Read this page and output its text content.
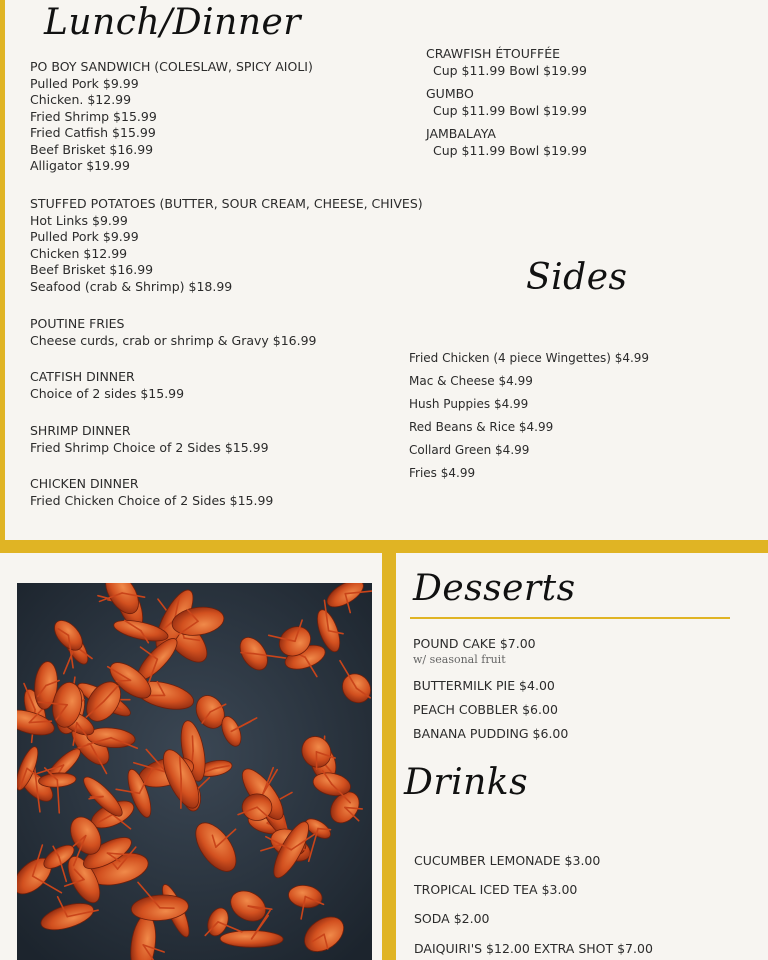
Lunch/Dinner
PO BOY SANDWICH (COLESLAW, SPICY AIOLI)
Pulled Pork $9.99
Chicken. $12.99
Fried Shrimp $15.99
Fried Catfish $15.99
Beef Brisket $16.99
Alligator $19.99
STUFFED POTATOES (BUTTER, SOUR CREAM, CHEESE, CHIVES)
Hot Links $9.99
Pulled Pork $9.99
Chicken $12.99
Beef Brisket $16.99
Seafood (crab & Shrimp) $18.99
POUTINE FRIES
Cheese curds, crab or shrimp & Gravy $16.99
CATFISH DINNER
Choice of 2 sides $15.99
SHRIMP DINNER
Fried Shrimp Choice of 2 Sides $15.99
CHICKEN DINNER
Fried Chicken Choice of 2 Sides $15.99
CRAWFISH ÉTOUFFÉE
Cup $11.99 Bowl $19.99
GUMBO
Cup $11.99 Bowl $19.99
JAMBALAYA
Cup $11.99 Bowl $19.99
Sides
Fried Chicken (4 piece Wingettes) $4.99
Mac & Cheese $4.99
Hush Puppies $4.99
Red Beans & Rice $4.99
Collard Green $4.99
Fries $4.99
Desserts
POUND CAKE $7.00
w/ seasonal fruit
BUTTERMILK PIE $4.00
PEACH COBBLER $6.00
BANANA PUDDING $6.00
Drinks
CUCUMBER LEMONADE $3.00
TROPICAL ICED TEA $3.00
SODA $2.00
DAIQUIRI'S $12.00 EXTRA SHOT $7.00
